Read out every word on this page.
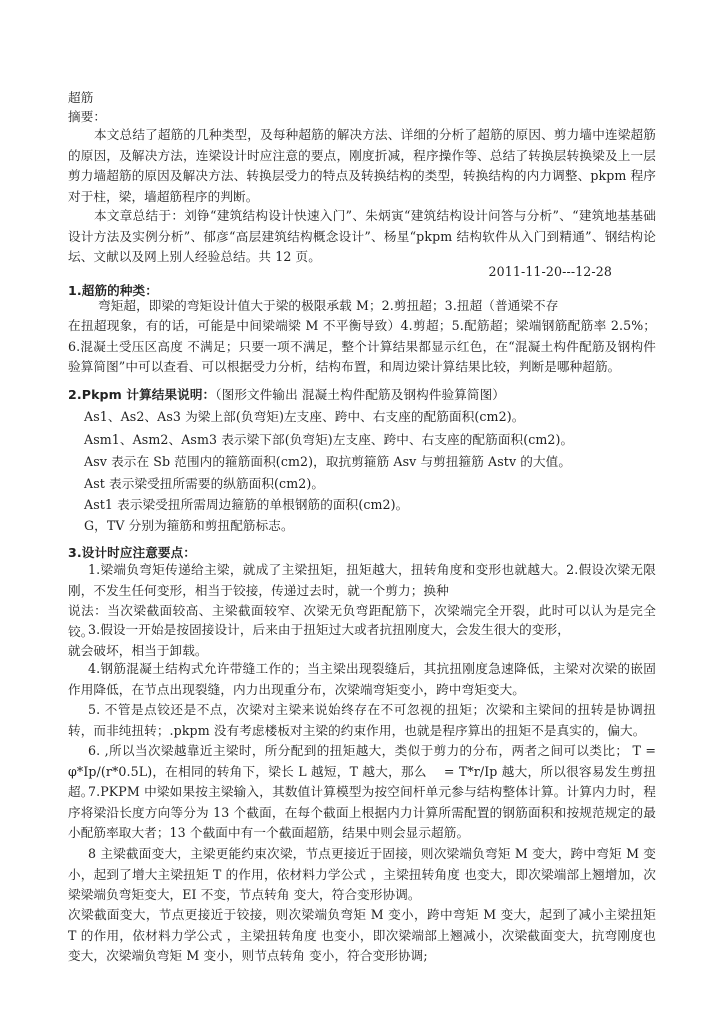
超筋
摘要：
本文总结了超筋的几种类型，及每种超筋的解决方法、详细的分析了超筋的原因、剪力墙中连梁超筋的原因，及解决方法，连梁设计时应注意的要点，刚度折减，程序操作等、总结了转换层转换梁及上一层剪力墙超筋的原因及解决方法、转换层受力的特点及转换结构的类型，转换结构的内力调整、pkpm 程序对于柱，梁，墙超筋程序的判断。
本文章总结于：刘铮“建筑结构设计快速入门”、朱炳寅“建筑结构设计问答与分析”、“建筑地基基础设计方法及实例分析”、郁彦“高层建筑结构概念设计”、杨星“pkpm 结构软件从入门到精通”、钢结构论坛、文献以及网上别人经验总结。共 12 页。
2011-11-20---12-28
1.超筋的种类：
弯矩超，即梁的弯矩设计值大于梁的极限承载 M；2.剪扭超；3.扭超（普通梁不存
在扭超现象，有的话，可能是中间梁端梁 M 不平衡导致）4.剪超；5.配筋超；梁端钢筋配筋率 2.5%；6.混凝土受压区高度 不满足；只要一项不满足，整个计算结果都显示红色，在“混凝土构件配筋及钢构件验算简图”中可以查看、可以根据受力分析，结构布置，和周边梁计算结果比较，判断是哪种超筋。
2.Pkpm 计算结果说明：（图形文件输出 混凝土构件配筋及钢构件验算简图）
As1、As2、As3 为梁上部(负弯矩)左支座、跨中、右支座的配筋面积(cm2)。
Asm1、Asm2、Asm3 表示梁下部(负弯矩)左支座、跨中、右支座的配筋面积(cm2)。
Asv 表示在 Sb 范围内的箍筋面积(cm2)，取抗剪箍筋 Asv 与剪扭箍筋 Astv 的大值。
Ast 表示梁受扭所需要的纵筋面积(cm2)。
Ast1 表示梁受扭所需周边箍筋的单根钢筋的面积(cm2)。
G，TV 分别为箍筋和剪扭配筋标志。
3.设计时应注意要点：
1.梁端负弯矩传递给主梁，就成了主梁扭矩，扭矩越大，扭转角度和变形也就越大。2.假设次梁无限刚，不发生任何变形，相当于铰接，传递过去时，就一个剪力；换种
说法：当次梁截面较高、主梁截面较窄、次梁无负弯距配筋下，次梁端完全开裂，此时可以认为是完全铰。
3.假设一开始是按固接设计，后来由于扭矩过大或者抗扭刚度大，会发生很大的变形，
就会破坏，相当于卸载。
4.钢筋混凝土结构式允许带缝工作的；当主梁出现裂缝后，其抗扭刚度急速降低，主梁对次梁的嵌固作用降低，在节点出现裂缝，内力出现重分布，次梁端弯矩变小，跨中弯矩变大。
5. 不管是点铰还是不点，次梁对主梁来说始终存在不可忽视的扭矩；次梁和主梁间的扭转是协调扭转，而非纯扭转；.pkpm 没有考虑楼板对主梁的约束作用，也就是程序算出的扭矩不是真实的，偏大。
6. ,所以当次梁越靠近主梁时，所分配到的扭矩越大，类似于剪力的分布，两者之间可以类比； T = φ*Ip/(r*0.5L)，在相同的转角下，梁长 L 越短，T 越大，那么 　= T*r/Ip 越大，所以很容易发生剪扭超。
7.PKPM 中梁如果按主梁输入，其数值计算模型为按空间杆单元参与结构整体计算。计算内力时，程序将梁沿长度方向等分为 13 个截面，在每个截面上根据内力计算所需配置的钢筋面积和按规范规定的最小配筋率取大者；13 个截面中有一个截面超筋，结果中则会显示超筋。
8 主梁截面变大，主梁更能约束次梁，节点更接近于固接，则次梁端负弯矩 M 变大，跨中弯矩 M 变小，起到了增大主梁扭矩 T 的作用，依材料力学公式 ，主梁扭转角度 也变大，即次梁端部上翘增加，次梁梁端负弯矩变大，EI 不变，节点转角 变大，符合变形协调。
次梁截面变大，节点更接近于铰接，则次梁端负弯矩 M 变小，跨中弯矩 M 变大，起到了减小主梁扭矩 T 的作用，依材料力学公式 ，主梁扭转角度 也变小，即次梁端部上翘减小，次梁截面变大，抗弯刚度也变大，次梁端负弯矩 M 变小，则节点转角 变小，符合变形协调;
